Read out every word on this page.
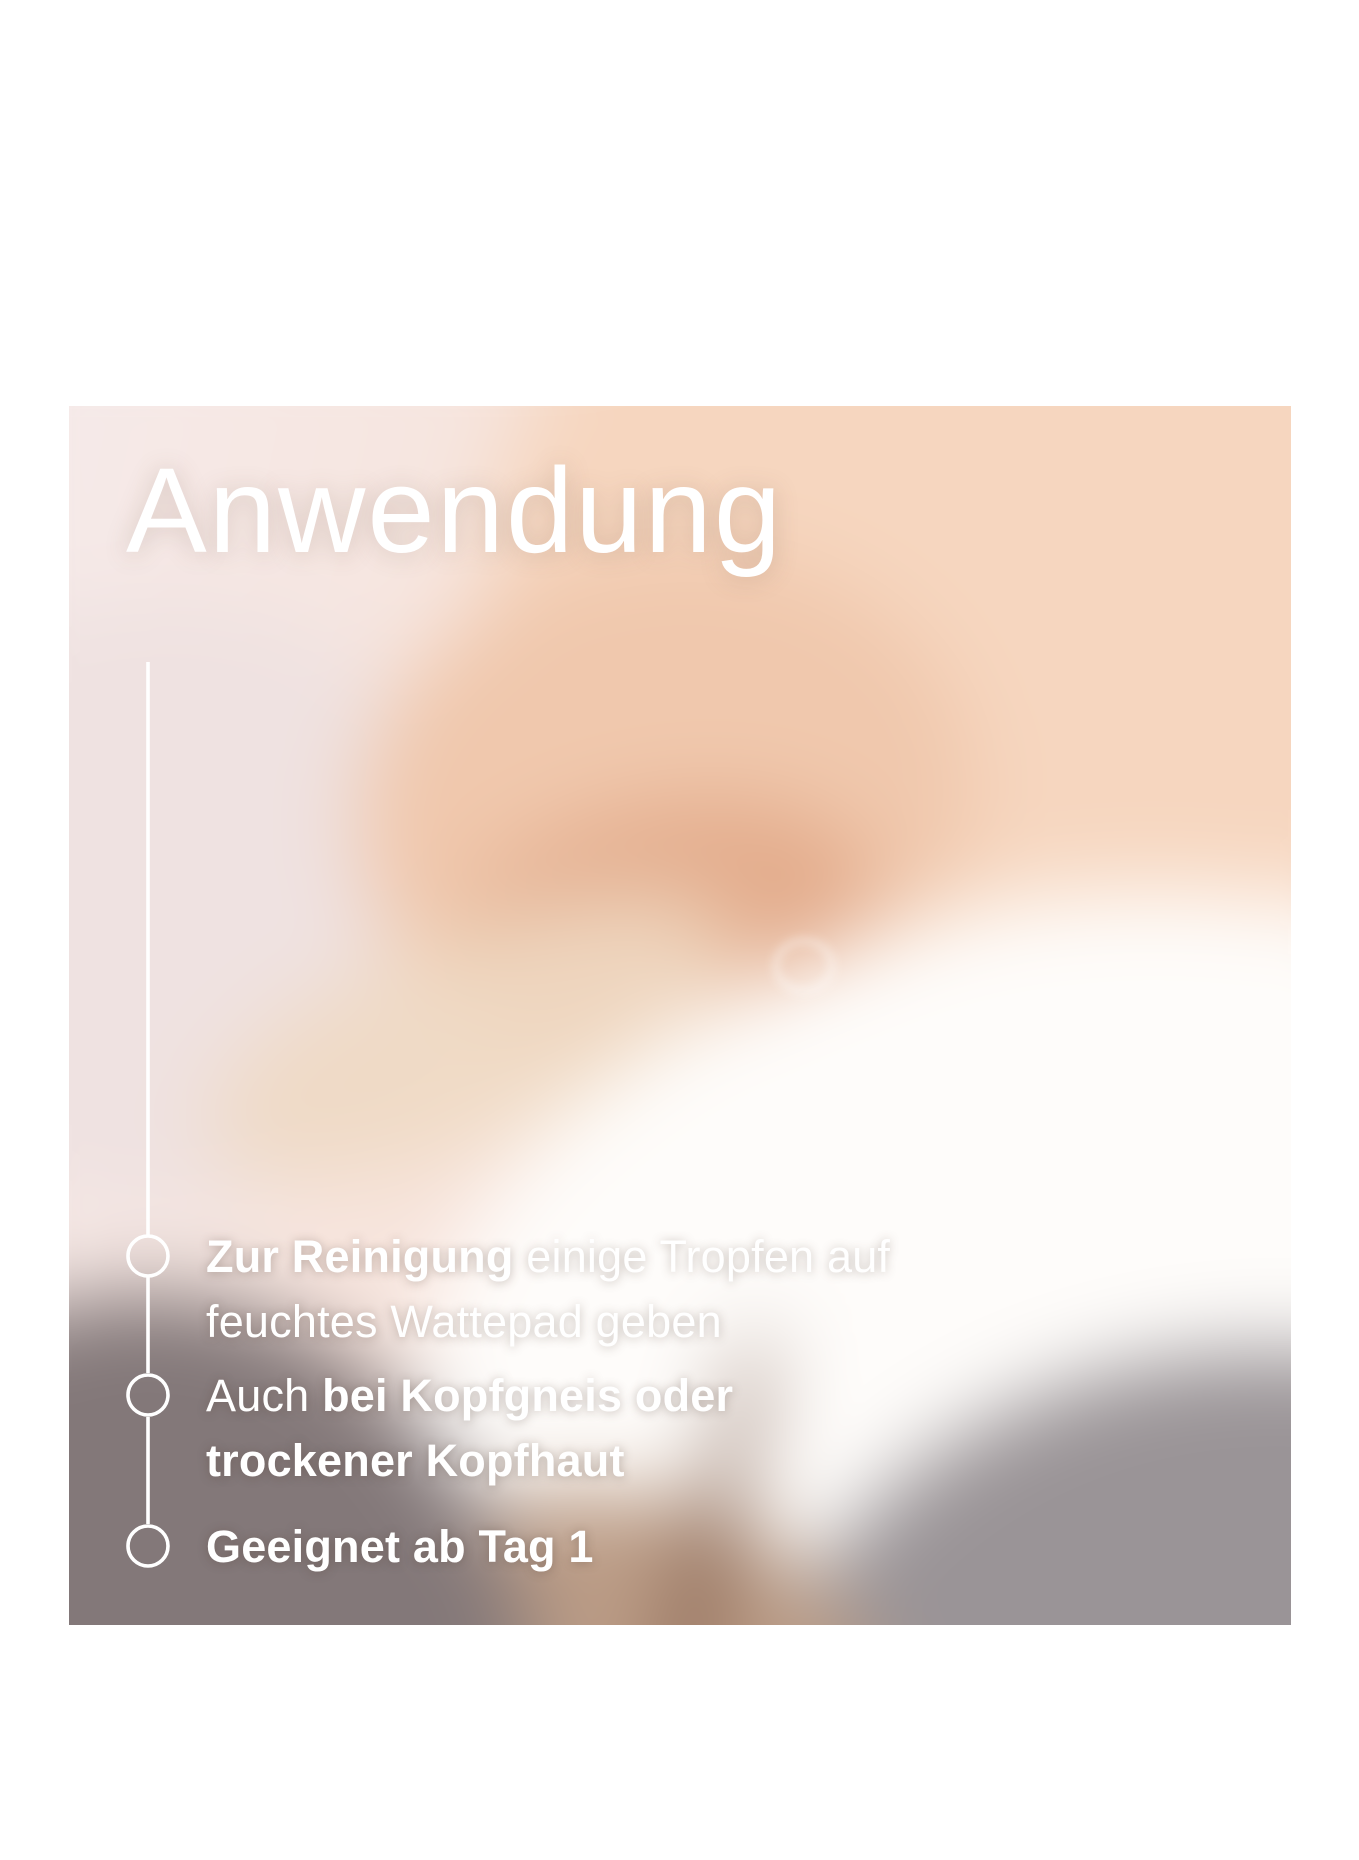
Anwendung
Zur Reinigung einige Tropfen auf
feuchtes Wattepad geben
Auch bei Kopfgneis oder
trockener Kopfhaut
Geeignet ab Tag 1
